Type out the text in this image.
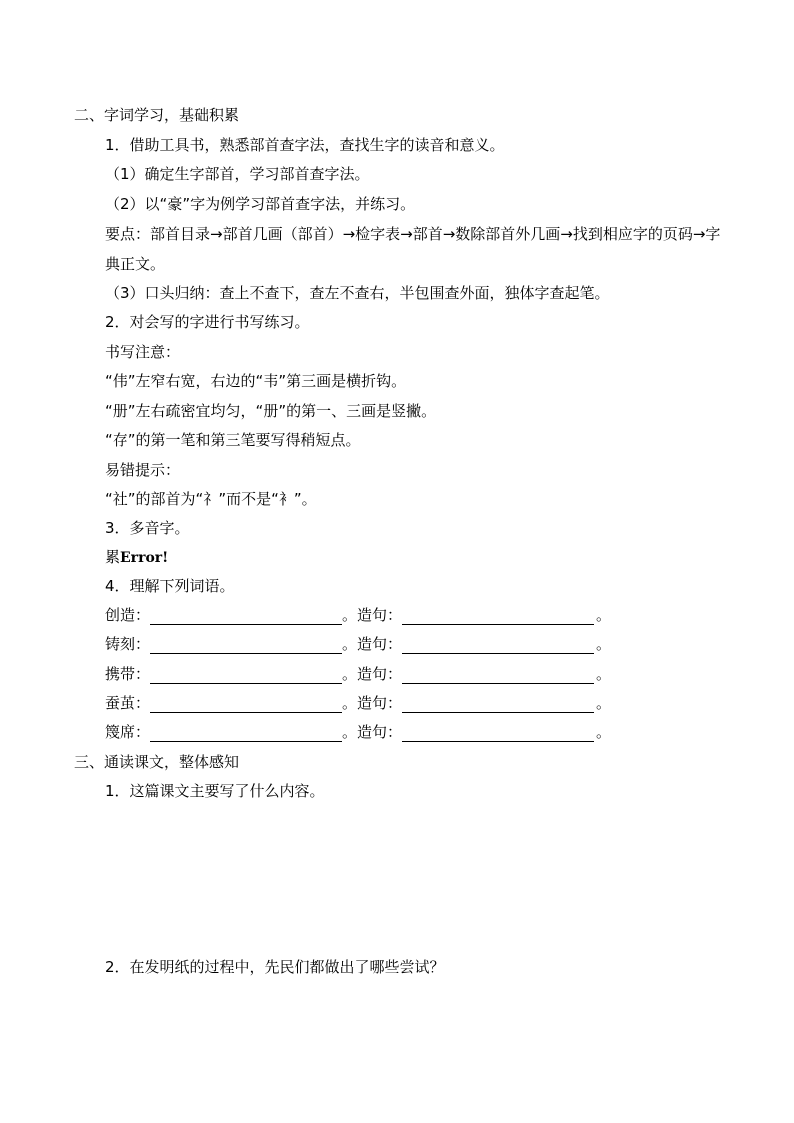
二、字词学习，基础积累
1．借助工具书，熟悉部首查字法，查找生字的读音和意义。
（1）确定生字部首，学习部首查字法。
（2）以“豪”字为例学习部首查字法，并练习。
要点：部首目录→部首几画（部首）→检字表→部首→数除部首外几画→找到相应字的页码→字典正文。
（3）口头归纳：查上不查下，查左不查右，半包围查外面，独体字查起笔。
2．对会写的字进行书写练习。
书写注意：
“伟”左窄右宽，右边的“韦”第三画是横折钩。
“册”左右疏密宜均匀，“册”的第一、三画是竖撇。
“存”的第一笔和第三笔要写得稍短点。
易错提示：
“社”的部首为“礻”而不是“衤”。
3．多音字。
累Error!
4．理解下列词语。
创造：	。造句：	。
铸刻：	。造句：	。
携带：	。造句：	。
蚕茧：	。造句：	。
篾席：	。造句：	。
三、通读课文，整体感知
1．这篇课文主要写了什么内容。
2．在发明纸的过程中，先民们都做出了哪些尝试？
